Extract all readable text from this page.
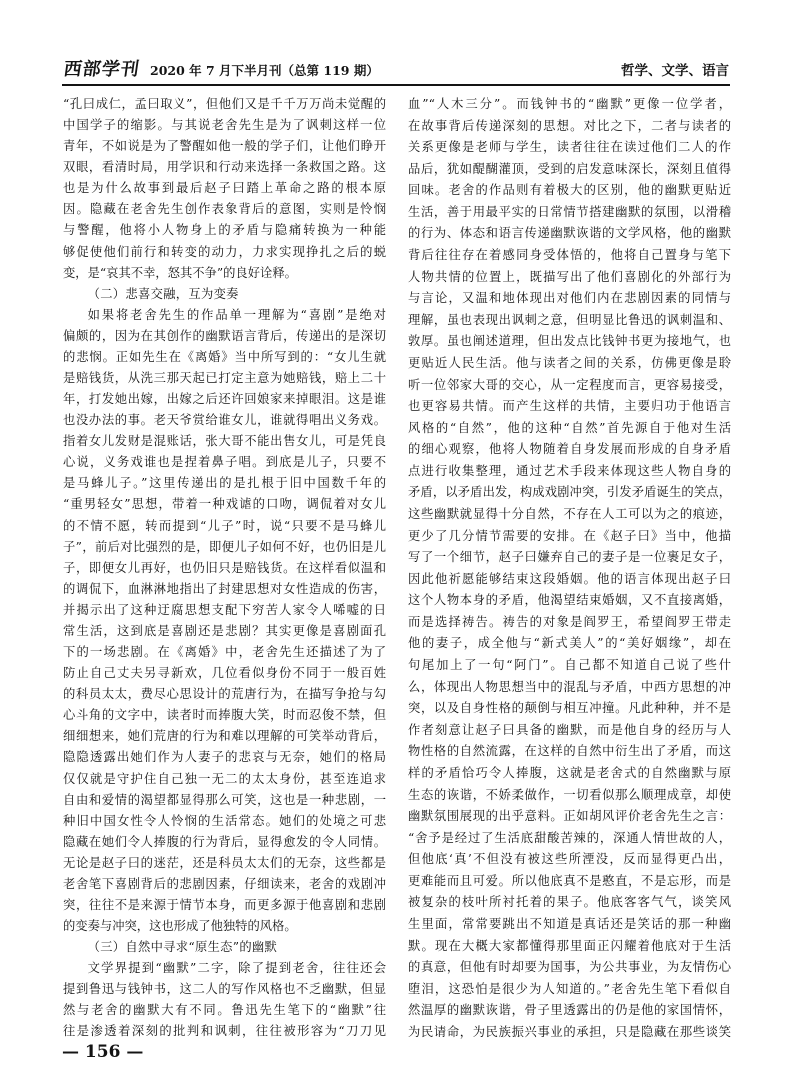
西部学刊 2020 年 7 月下半月刊（总第 119 期）	哲学、文学、语言
“孔曰成仁，孟曰取义”，但他们又是千千万万尚未觉醒的
中国学子的缩影。与其说老舍先生是为了讽刺这样一位
青年，不如说是为了警醒如他一般的学子们，让他们睁开
双眼，看清时局，用学识和行动来选择一条救国之路。这
也是为什么故事到最后赵子曰踏上革命之路的根本原
因。隐藏在老舍先生创作表象背后的意图，实则是怜悯
与警醒，他将小人物身上的矛盾与隐痛转换为一种能
够促使他们前行和转变的动力，力求实现挣扎之后的蜕
变，是“哀其不幸，怒其不争”的良好诠释。
（二）悲喜交融，互为变奏
如果将老舍先生的作品单一理解为“喜剧”是绝对
偏颇的，因为在其创作的幽默语言背后，传递出的是深切
的悲悯。正如先生在《离婚》当中所写到的：“女儿生就
是赔钱货，从洗三那天起已打定主意为她赔钱，赔上二十
年，打发她出嫁，出嫁之后还许回娘家来掉眼泪。这是谁
也没办法的事。老天爷赏给谁女儿，谁就得唱出义务戏。
指着女儿发财是混账话，张大哥不能出售女儿，可是凭良
心说，义务戏谁也是捏着鼻子唱。到底是儿子，只要不
是马蜂儿子。”这里传递出的是扎根于旧中国数千年的
“重男轻女”思想，带着一种戏谑的口吻，调侃着对女儿
的不情不愿，转而提到“儿子”时，说“只要不是马蜂儿
子”，前后对比强烈的是，即便儿子如何不好，也仍旧是儿
子，即便女儿再好，也仍旧只是赔钱货。在这样看似温和
的调侃下，血淋淋地指出了封建思想对女性造成的伤害，
并揭示出了这种迂腐思想支配下穷苦人家令人唏嘘的日
常生活，这到底是喜剧还是悲剧？其实更像是喜剧面孔
下的一场悲剧。在《离婚》中，老舍先生还描述了为了
防止自己丈夫另寻新欢，几位看似身份不同于一般百姓
的科员太太，费尽心思设计的荒唐行为，在描写争抢与勾
心斗角的文字中，读者时而捧腹大笑，时而忍俊不禁，但
细细想来，她们荒唐的行为和难以理解的可笑举动背后，
隐隐透露出她们作为人妻子的悲哀与无奈，她们的格局
仅仅就是守护住自己独一无二的太太身份，甚至连追求
自由和爱情的渴望都显得那么可笑，这也是一种悲剧，一
种旧中国女性令人怜悯的生活常态。她们的处境之可悲
隐藏在她们令人捧腹的行为背后，显得愈发的令人同情。
无论是赵子曰的迷茫，还是科员太太们的无奈，这些都是
老舍笔下喜剧背后的悲剧因素，仔细读来，老舍的戏剧冲
突，往往不是来源于情节本身，而更多源于他喜剧和悲剧
的变奏与冲突，这也形成了他独特的风格。
（三）自然中寻求“原生态”的幽默
文学界提到“幽默”二字，除了提到老舍，往往还会
提到鲁迅与钱钟书，这二人的写作风格也不乏幽默，但显
然与老舍的幽默大有不同。鲁迅先生笔下的“幽默”往
往是渗透着深刻的批判和讽刺，往往被形容为“刀刀见
血”“人木三分”。而钱钟书的“幽默”更像一位学者，
在故事背后传递深刻的思想。对比之下，二者与读者的
关系更像是老师与学生，读者往往在读过他们二人的作
品后，犹如醍醐灌顶，受到的启发意味深长，深刻且值得
回味。老舍的作品则有着极大的区别，他的幽默更贴近
生活，善于用最平实的日常情节搭建幽默的氛围，以滑稽
的行为、体态和语言传递幽默诙谐的文学风格，他的幽默
背后往往存在着感同身受体悟的，他将自己置身与笔下
人物共情的位置上，既描写出了他们喜剧化的外部行为
与言论，又温和地体现出对他们内在悲剧因素的同情与
理解，虽也表现出讽刺之意，但明显比鲁迅的讽刺温和、
敦厚。虽也阐述道理，但出发点比钱钟书更为接地气，也
更贴近人民生活。他与读者之间的关系，仿佛更像是聆
听一位邻家大哥的交心，从一定程度而言，更容易接受，
也更容易共情。而产生这样的共情，主要归功于他语言
风格的“自然”，他的这种“自然”首先源自于他对生活
的细心观察，他将人物随着自身发展而形成的自身矛盾
点进行收集整理，通过艺术手段来体现这些人物自身的
矛盾，以矛盾出发，构成戏剧冲突，引发矛盾诞生的笑点，
这些幽默就显得十分自然，不存在人工可以为之的痕迹，
更少了几分情节需要的安排。在《赵子曰》当中，他描
写了一个细节，赵子曰嫌弃自己的妻子是一位裹足女子，
因此他祈愿能够结束这段婚姻。他的语言体现出赵子曰
这个人物本身的矛盾，他渴望结束婚姻，又不直接离婚，
而是选择祷告。祷告的对象是阎罗王，希望阎罗王带走
他的妻子，成全他与“新式美人”的“美好姻缘”，却在
句尾加上了一句“阿门”。自己都不知道自己说了些什
么，体现出人物思想当中的混乱与矛盾，中西方思想的冲
突，以及自身性格的颠倒与相互冲撞。凡此种种，并不是
作者刻意让赵子曰具备的幽默，而是他自身的经历与人
物性格的自然流露，在这样的自然中衍生出了矛盾，而这
样的矛盾恰巧令人捧腹，这就是老舍式的自然幽默与原
生态的诙谐，不娇柔做作，一切看似那么顺理成章，却使
幽默氛围展现的出乎意料。正如胡风评价老舍先生之言：
“舍予是经过了生活底甜酸苦辣的，深通人情世故的人，
但他底‘真’不但没有被这些所湮没，反而显得更凸出，
更难能而且可爱。所以他底真不是憨直，不是忘形，而是
被复杂的枝叶所衬托着的果子。他底客客气气，谈笑风
生里面，常常要跳出不知道是真话还是笑话的那一种幽
默。现在大概大家都懂得那里面正闪耀着他底对于生活
的真意，但他有时却要为国事，为公共事业，为友情伤心
堕泪，这恐怕是很少为人知道的。”老舍先生笔下看似自
然温厚的幽默诙谐，骨子里透露出的仍是他的家国情怀，
为民请命，为民族振兴事业的承担，只是隐藏在那些谈笑
— 156 —
